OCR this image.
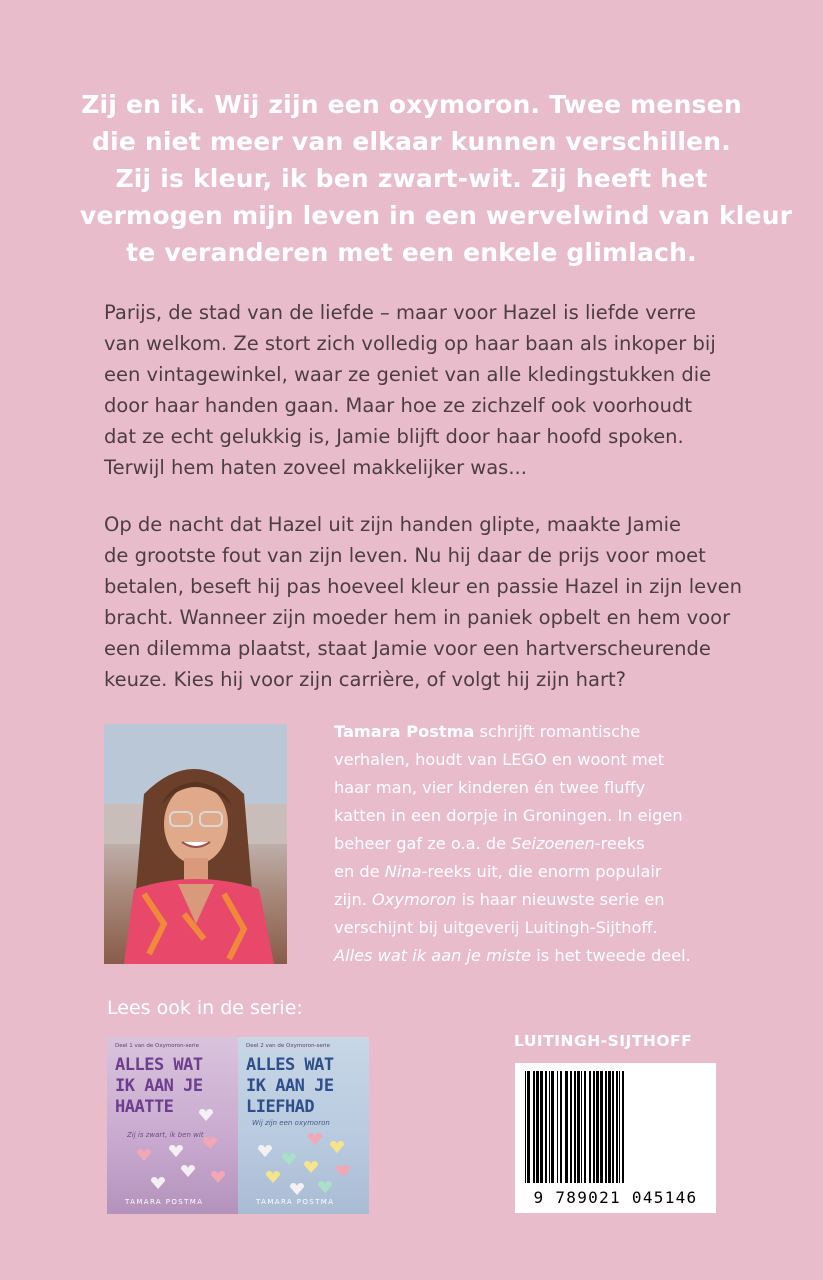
Zij en ik. Wij zijn een oxymoron. Twee mensen
die niet meer van elkaar kunnen verschillen.
Zij is kleur, ik ben zwart-wit. Zij heeft het
vermogen mijn leven in een wervelwind van kleur
te veranderen met een enkele glimlach.
Parijs, de stad van de liefde – maar voor Hazel is liefde verre
van welkom. Ze stort zich volledig op haar baan als inkoper bij
een vintagewinkel, waar ze geniet van alle kledingstukken die
door haar handen gaan. Maar hoe ze zichzelf ook voorhoudt
dat ze echt gelukkig is, Jamie blijft door haar hoofd spoken.
Terwijl hem haten zoveel makkelijker was...
Op de nacht dat Hazel uit zijn handen glipte, maakte Jamie
de grootste fout van zijn leven. Nu hij daar de prijs voor moet
betalen, beseft hij pas hoeveel kleur en passie Hazel in zijn leven
bracht. Wanneer zijn moeder hem in paniek opbelt en hem voor
een dilemma plaatst, staat Jamie voor een hartverscheurende
keuze. Kies hij voor zijn carrière, of volgt hij zijn hart?
Tamara Postma schrijft romantische
verhalen, houdt van LEGO en woont met
haar man, vier kinderen én twee fluffy
katten in een dorpje in Groningen. In eigen
beheer gaf ze o.a. de Seizoenen-reeks
en de Nina-reeks uit, die enorm populair
zijn. Oxymoron is haar nieuwste serie en
verschijnt bij uitgeverij Luitingh-Sijthoff.
Alles wat ik aan je miste is het tweede deel.
Lees ook in de serie:
Deel 1 van de Oxymoron-serie
ALLES WAT
IK AAN JE
HAATTE
Zij is zwart, ik ben wit
TAMARA POSTMA
Deel 2 van de Oxymoron-serie
ALLES WAT
IK AAN JE
LIEFHAD
Wij zijn een oxymoron
TAMARA POSTMA
LUITINGH-SIJTHOFF
9 789021 045146
